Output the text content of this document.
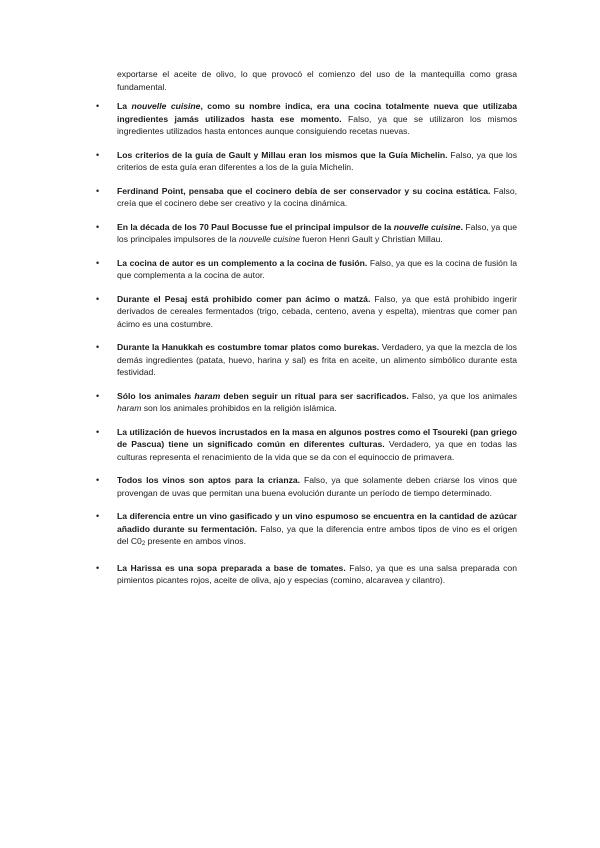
exportarse el aceite de olivo, lo que provocó el comienzo del uso de la mantequilla como grasa fundamental.

•	La nouvelle cuisine, como su nombre indica, era una cocina totalmente nueva que utilizaba ingredientes jamás utilizados hasta ese momento. Falso, ya que se utilizaron los mismos ingredientes utilizados hasta entonces aunque consiguiendo recetas nuevas.
•	Los criterios de la guía de Gault y Millau eran los mismos que la Guía Michelin. Falso, ya que los criterios de esta guía eran diferentes a los de la guía Michelin.
•	Ferdinand Point, pensaba que el cocinero debía de ser conservador y su cocina estática. Falso, creía que el cocinero debe ser creativo y la cocina dinámica.
•	En la década de los 70 Paul Bocusse fue el principal impulsor de la nouvelle cuisine. Falso, ya que los principales impulsores de la nouvelle cuisine fueron Henri Gault y Christian Millau.
•	La cocina de autor es un complemento a la cocina de fusión. Falso, ya que es la cocina de fusión la que complementa a la cocina de autor.
•	Durante el Pesaj está prohibido comer pan ácimo o matzá. Falso, ya que está prohibido ingerir derivados de cereales fermentados (trigo, cebada, centeno, avena y espelta), mientras que comer pan ácimo es una costumbre.
•	Durante la Hanukkah es costumbre tomar platos como burekas. Verdadero, ya que la mezcla de los demás ingredientes (patata, huevo, harina y sal) es frita en aceite, un alimento simbólico durante esta festividad.
•	Sólo los animales haram deben seguir un ritual para ser sacrificados. Falso, ya que los animales haram son los animales prohibidos en la religión islámica.
•	La utilización de huevos incrustados en la masa en algunos postres como el Tsoureki (pan griego de Pascua) tiene un significado común en diferentes culturas. Verdadero, ya que en todas las culturas representa el renacimiento de la vida que se da con el equinoccio de primavera.
•	Todos los vinos son aptos para la crianza. Falso, ya que solamente deben criarse los vinos que provengan de uvas que permitan una buena evolución durante un período de tiempo determinado.
•	La diferencia entre un vino gasificado y un vino espumoso se encuentra en la cantidad de azúcar añadido durante su fermentación. Falso, ya que la diferencia entre ambos tipos de vino es el origen del $C0_2$ presente en ambos vinos.
•	La Harissa es una sopa preparada a base de tomates. Falso, ya que es una salsa preparada con pimientos picantes rojos, aceite de oliva, ajo y especias (comino, alcaravea y cilantro).
